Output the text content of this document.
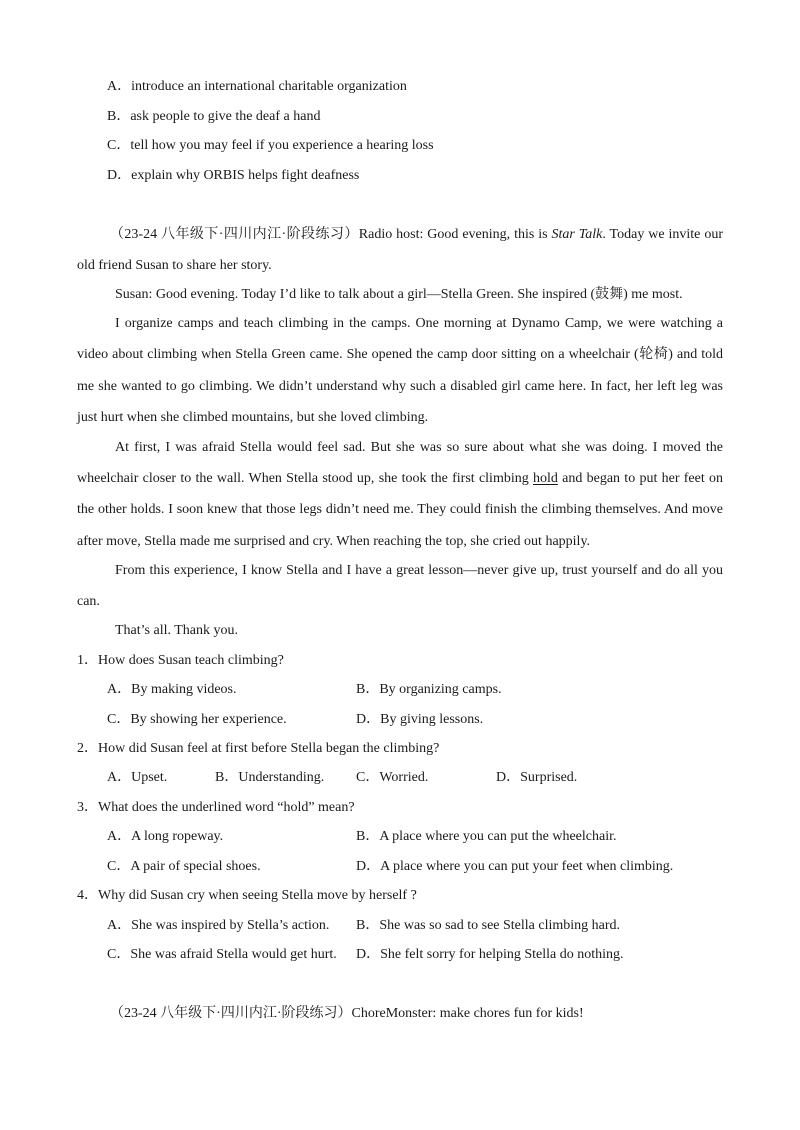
A．introduce an international charitable organization
B．ask people to give the deaf a hand
C．tell how you may feel if you experience a hearing loss
D．explain why ORBIS helps fight deafness
（23-24 八年级下·四川内江·阶段练习）Radio host: Good evening, this is Star Talk. Today we invite our
old friend Susan to share her story.
Susan: Good evening. Today I’d like to talk about a girl—Stella Green. She inspired (鼓舞) me most.
I organize camps and teach climbing in the camps. One morning at Dynamo Camp, we were watching a
video about climbing when Stella Green came. She opened the camp door sitting on a wheelchair (轮椅) and told
me she wanted to go climbing. We didn’t understand why such a disabled girl came here. In fact, her left leg was
just hurt when she climbed mountains, but she loved climbing.
At first, I was afraid Stella would feel sad. But she was so sure about what she was doing. I moved the
wheelchair closer to the wall. When Stella stood up, she took the first climbing hold and began to put her feet on
the other holds. I soon knew that those legs didn’t need me. They could finish the climbing themselves. And move
after move, Stella made me surprised and cry. When reaching the top, she cried out happily.
From this experience, I know Stella and I have a great lesson—never give up, trust yourself and do all you
can.
That’s all. Thank you.
1．How does Susan teach climbing?
A．By making videos.	B．By organizing camps.
C．By showing her experience.	D．By giving lessons.
2．How did Susan feel at first before Stella began the climbing?
A．Upset.	B．Understanding. C．Worried.	D．Surprised.
3．What does the underlined word “hold” mean?
A．A long ropeway.	B．A place where you can put the wheelchair.
C．A pair of special shoes.	D．A place where you can put your feet when climbing.
4．Why did Susan cry when seeing Stella move by herself ?
A．She was inspired by Stella’s action. B．She was so sad to see Stella climbing hard.
C．She was afraid Stella would get hurt. D．She felt sorry for helping Stella do nothing.
（23-24 八年级下·四川内江·阶段练习）ChoreMonster: make chores fun for kids!
